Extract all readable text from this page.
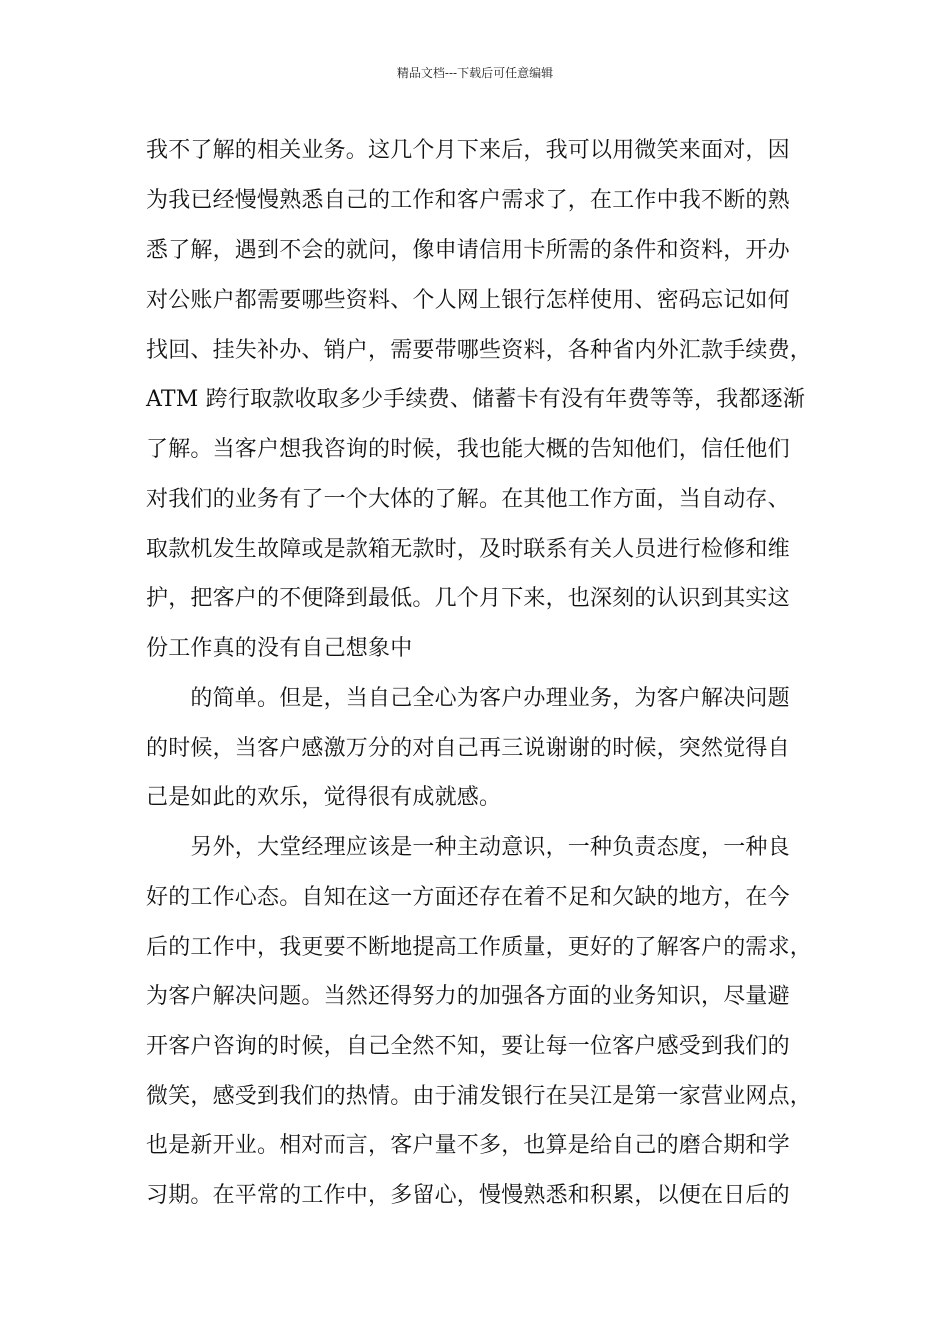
精品文档---下载后可任意编辑
我不了解的相关业务。这几个月下来后，我可以用微笑来面对，因
为我已经慢慢熟悉自己的工作和客户需求了，在工作中我不断的熟
悉了解，遇到不会的就问，像申请信用卡所需的条件和资料，开办
对公账户都需要哪些资料、个人网上银行怎样使用、密码忘记如何
找回、挂失补办、销户，需要带哪些资料，各种省内外汇款手续费，
ATM 跨行取款收取多少手续费、储蓄卡有没有年费等等，我都逐渐
了解。当客户想我咨询的时候，我也能大概的告知他们，信任他们
对我们的业务有了一个大体的了解。在其他工作方面，当自动存、
取款机发生故障或是款箱无款时，及时联系有关人员进行检修和维
护，把客户的不便降到最低。几个月下来，也深刻的认识到其实这
份工作真的没有自己想象中
　　的简单。但是，当自己全心为客户办理业务，为客户解决问题
的时候，当客户感激万分的对自己再三说谢谢的时候，突然觉得自
己是如此的欢乐，觉得很有成就感。
　　另外，大堂经理应该是一种主动意识，一种负责态度，一种良
好的工作心态。自知在这一方面还存在着不足和欠缺的地方，在今
后的工作中，我更要不断地提高工作质量，更好的了解客户的需求，
为客户解决问题。当然还得努力的加强各方面的业务知识，尽量避
开客户咨询的时候，自己全然不知，要让每一位客户感受到我们的
微笑，感受到我们的热情。由于浦发银行在吴江是第一家营业网点，
也是新开业。相对而言，客户量不多，也算是给自己的磨合期和学
习期。在平常的工作中，多留心，慢慢熟悉和积累，以便在日后的
